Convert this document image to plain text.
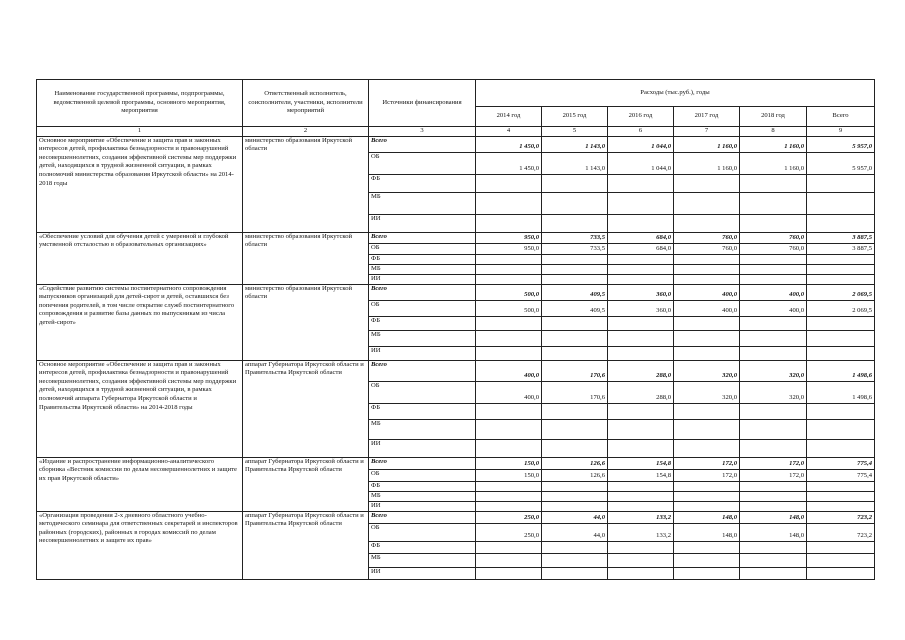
Наименование государственной программы, подпрограммы, ведомственной целевой программы, основного мероприятия, мероприятия	Ответственный исполнитель, соисполнители, участники, исполнители мероприятий	Источники финансирования	Расходы (тыс.руб.), годы					
			2014 год	2015 год	2016 год	2017 год	2018 год	Всего
1	2	3	4	5	6	7	8	9
Основное мероприятие «Обеспечение и защита прав и законных интересов детей, профилактика безнадзорности и правонарушений несовершеннолетних, создания эффективной системы мер поддержки детей, находящихся в трудной жизненной ситуации, в рамках полномочий министерства образования Иркутской области» на 2014-2018 годы	министерство образования Иркутской области	Всего	1 450,0	1 143,0	1 044,0	1 160,0	1 160,0	5 957,0
		ОБ	1 450,0	1 143,0	1 044,0	1 160,0	1 160,0	5 957,0
		ФБ						
		МБ						
		ИИ						
«Обеспечение условий для обучения детей с умеренной и глубокой умственной отсталостью в образовательных организациях»	министерство образования Иркутской области	Всего	950,0	733,5	684,0	760,0	760,0	3 887,5
		ОБ	950,0	733,5	684,0	760,0	760,0	3 887,5
		ФБ						
		МБ						
		ИИ						
«Содействие развитию системы постинтернатного сопровождения выпускников организаций для детей-сирот и детей, оставшихся без попечения родителей, в том числе открытие служб постинтернатного сопровождения и развитие базы данных по выпускникам из числа детей-сирот»	министерство образования Иркутской области	Всего	500,0	409,5	360,0	400,0	400,0	2 069,5
		ОБ	500,0	409,5	360,0	400,0	400,0	2 069,5
		ФБ						
		МБ						
		ИИ						
Основное мероприятие «Обеспечение и защита прав и законных интересов детей, профилактика безнадзорности и правонарушений несовершеннолетних, создания эффективной системы мер поддержки детей, находящихся в трудной жизненной ситуации, в рамках полномочий аппарата Губернатора Иркутской области и Правительства Иркутской области» на 2014-2018 годы	аппарат Губернатора Иркутской области и Правительства Иркутской области	Всего	400,0	170,6	288,0	320,0	320,0	1 498,6
		ОБ	400,0	170,6	288,0	320,0	320,0	1 498,6
		ФБ						
		МБ						
		ИИ						
«Издание и распространение информационно-аналитического сборника «Вестник комиссии по делам несовершеннолетних и защите их прав Иркутской области»	аппарат Губернатора Иркутской области и Правительства Иркутской области	Всего	150,0	126,6	154,8	172,0	172,0	775,4
		ОБ	150,0	126,6	154,8	172,0	172,0	775,4
		ФБ						
		МБ						
		ИИ						
«Организация проведения 2-х дневного областного учебно-методического семинара для ответственных секретарей и инспекторов районных (городских), районных в городах комиссий по делам несовершеннолетних и защите их прав»	аппарат Губернатора Иркутской области и Правительства Иркутской области	Всего	250,0	44,0	133,2	148,0	148,0	723,2
		ОБ	250,0	44,0	133,2	148,0	148,0	723,2
		ФБ						
		МБ						
		ИИ						
